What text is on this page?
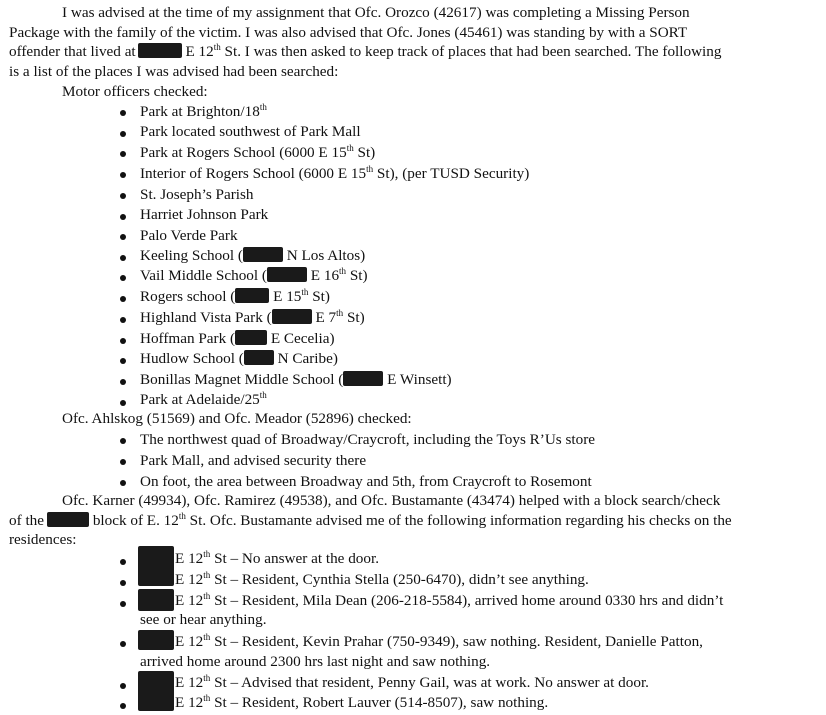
I was advised at the time of my assignment that Ofc. Orozco (42617) was completing a Missing Person
Package with the family of the victim. I was also advised that Ofc. Jones (45461) was standing by with a SORT
offender that lived at	E 12th St. I was then asked to keep track of places that had been searched. The following
is a list of the places I was advised had been searched:
Motor officers checked:
Park at Brighton/18th
Park located southwest of Park Mall
Park at Rogers School (6000 E 15th St)
Interior of Rogers School (6000 E 15th St), (per TUSD Security)
St. Joseph’s Parish
Harriet Johnson Park
Palo Verde Park
Keeling School (	N Los Altos)
Vail Middle School (	E 16th St)
Rogers school ( E 15th St)
Highland Vista Park (	E 7th St)
Hoffman Park ( E Cecelia)
Hudlow School ( N Caribe)
Bonillas Magnet Middle School (	E Winsett)
Park at Adelaide/25th
Ofc. Ahlskog (51569) and Ofc. Meador (52896) checked:
The northwest quad of Broadway/Craycroft, including the Toys R’Us store
Park Mall, and advised security there
On foot, the area between Broadway and 5th, from Craycroft to Rosemont
Ofc. Karner (49934), Ofc. Ramirez (49538), and Ofc. Bustamante (43474) helped with a block search/check
of the	block of E. 12th St. Ofc. Bustamante advised me of the following information regarding his checks on the
residences:
E 12th St – No answer at the door.
E 12th St – Resident, Cynthia Stella (250-6470), didn’t see anything.
E 12th St – Resident, Mila Dean (206-218-5584), arrived home around 0330 hrs and didn’t
see or hear anything.
E 12th St – Resident, Kevin Prahar (750-9349), saw nothing. Resident, Danielle Patton,
arrived home around 2300 hrs last night and saw nothing.
E 12th St – Advised that resident, Penny Gail, was at work. No answer at door.
E 12th St – Resident, Robert Lauver (514-8507), saw nothing.
